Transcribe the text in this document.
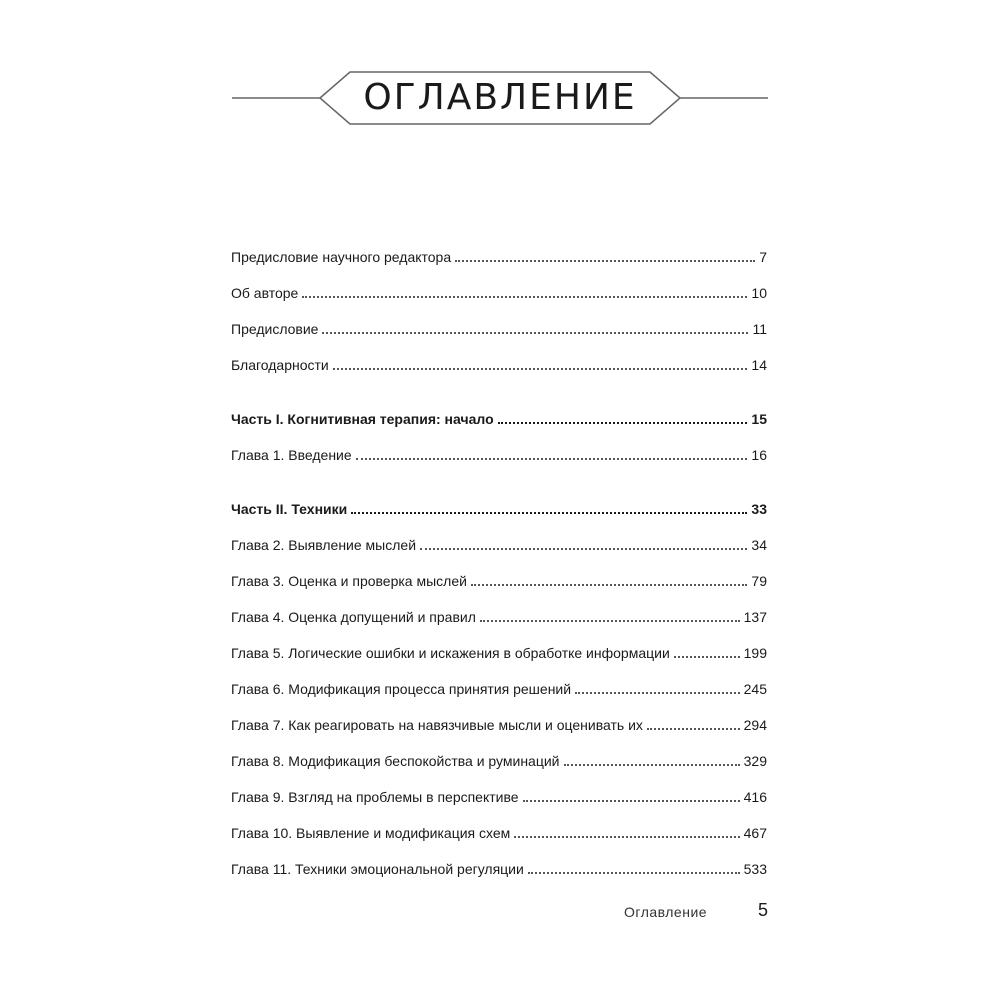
ОГЛАВЛЕНИЕ
Предисловие научного редактора	7
Об авторе	10
Предисловие	11
Благодарности	14
Часть I. Когнитивная терапия: начало	15
Глава 1. Введение	16
Часть II. Техники	33
Глава 2. Выявление мыслей	34
Глава 3. Оценка и проверка мыслей	79
Глава 4. Оценка допущений и правил	137
Глава 5. Логические ошибки и искажения в обработке информации	199
Глава 6. Модификация процесса принятия решений	245
Глава 7. Как реагировать на навязчивые мысли и оценивать их	294
Глава 8. Модификация беспокойства и руминаций	329
Глава 9. Взгляд на проблемы в перспективе	416
Глава 10. Выявление и модификация схем	467
Глава 11. Техники эмоциональной регуляции	533
Оглавление	5
